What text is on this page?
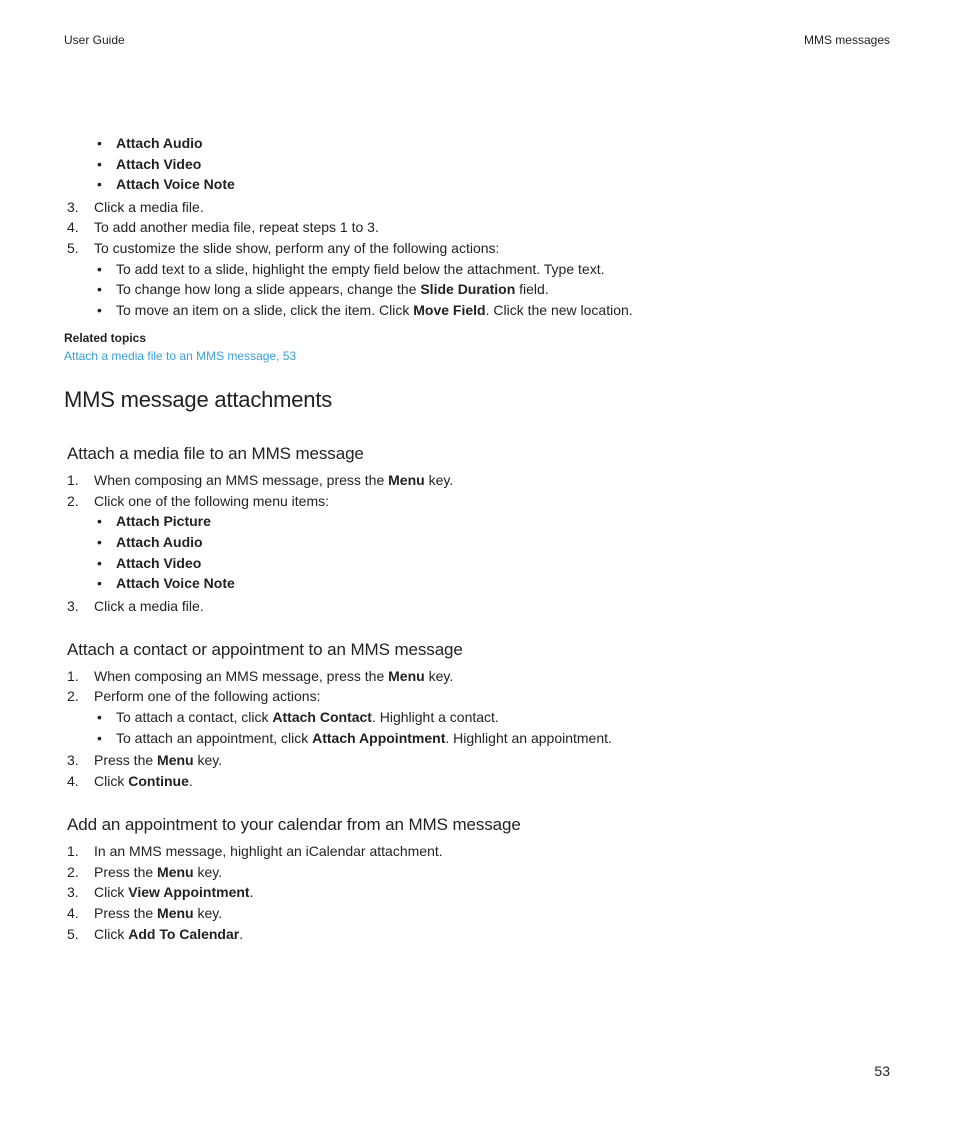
User Guide	MMS messages
• Attach Audio
• Attach Video
• Attach Voice Note
3. Click a media file.
4. To add another media file, repeat steps 1 to 3.
5. To customize the slide show, perform any of the following actions:
• To add text to a slide, highlight the empty field below the attachment. Type text.
• To change how long a slide appears, change the Slide Duration field.
• To move an item on a slide, click the item. Click Move Field. Click the new location.
Related topics
Attach a media file to an MMS message, 53
MMS message attachments
Attach a media file to an MMS message
1. When composing an MMS message, press the Menu key.
2. Click one of the following menu items:
• Attach Picture
• Attach Audio
• Attach Video
• Attach Voice Note
3. Click a media file.
Attach a contact or appointment to an MMS message
1. When composing an MMS message, press the Menu key.
2. Perform one of the following actions:
• To attach a contact, click Attach Contact. Highlight a contact.
• To attach an appointment, click Attach Appointment. Highlight an appointment.
3. Press the Menu key.
4. Click Continue.
Add an appointment to your calendar from an MMS message
1. In an MMS message, highlight an iCalendar attachment.
2. Press the Menu key.
3. Click View Appointment.
4. Press the Menu key.
5. Click Add To Calendar.
53
